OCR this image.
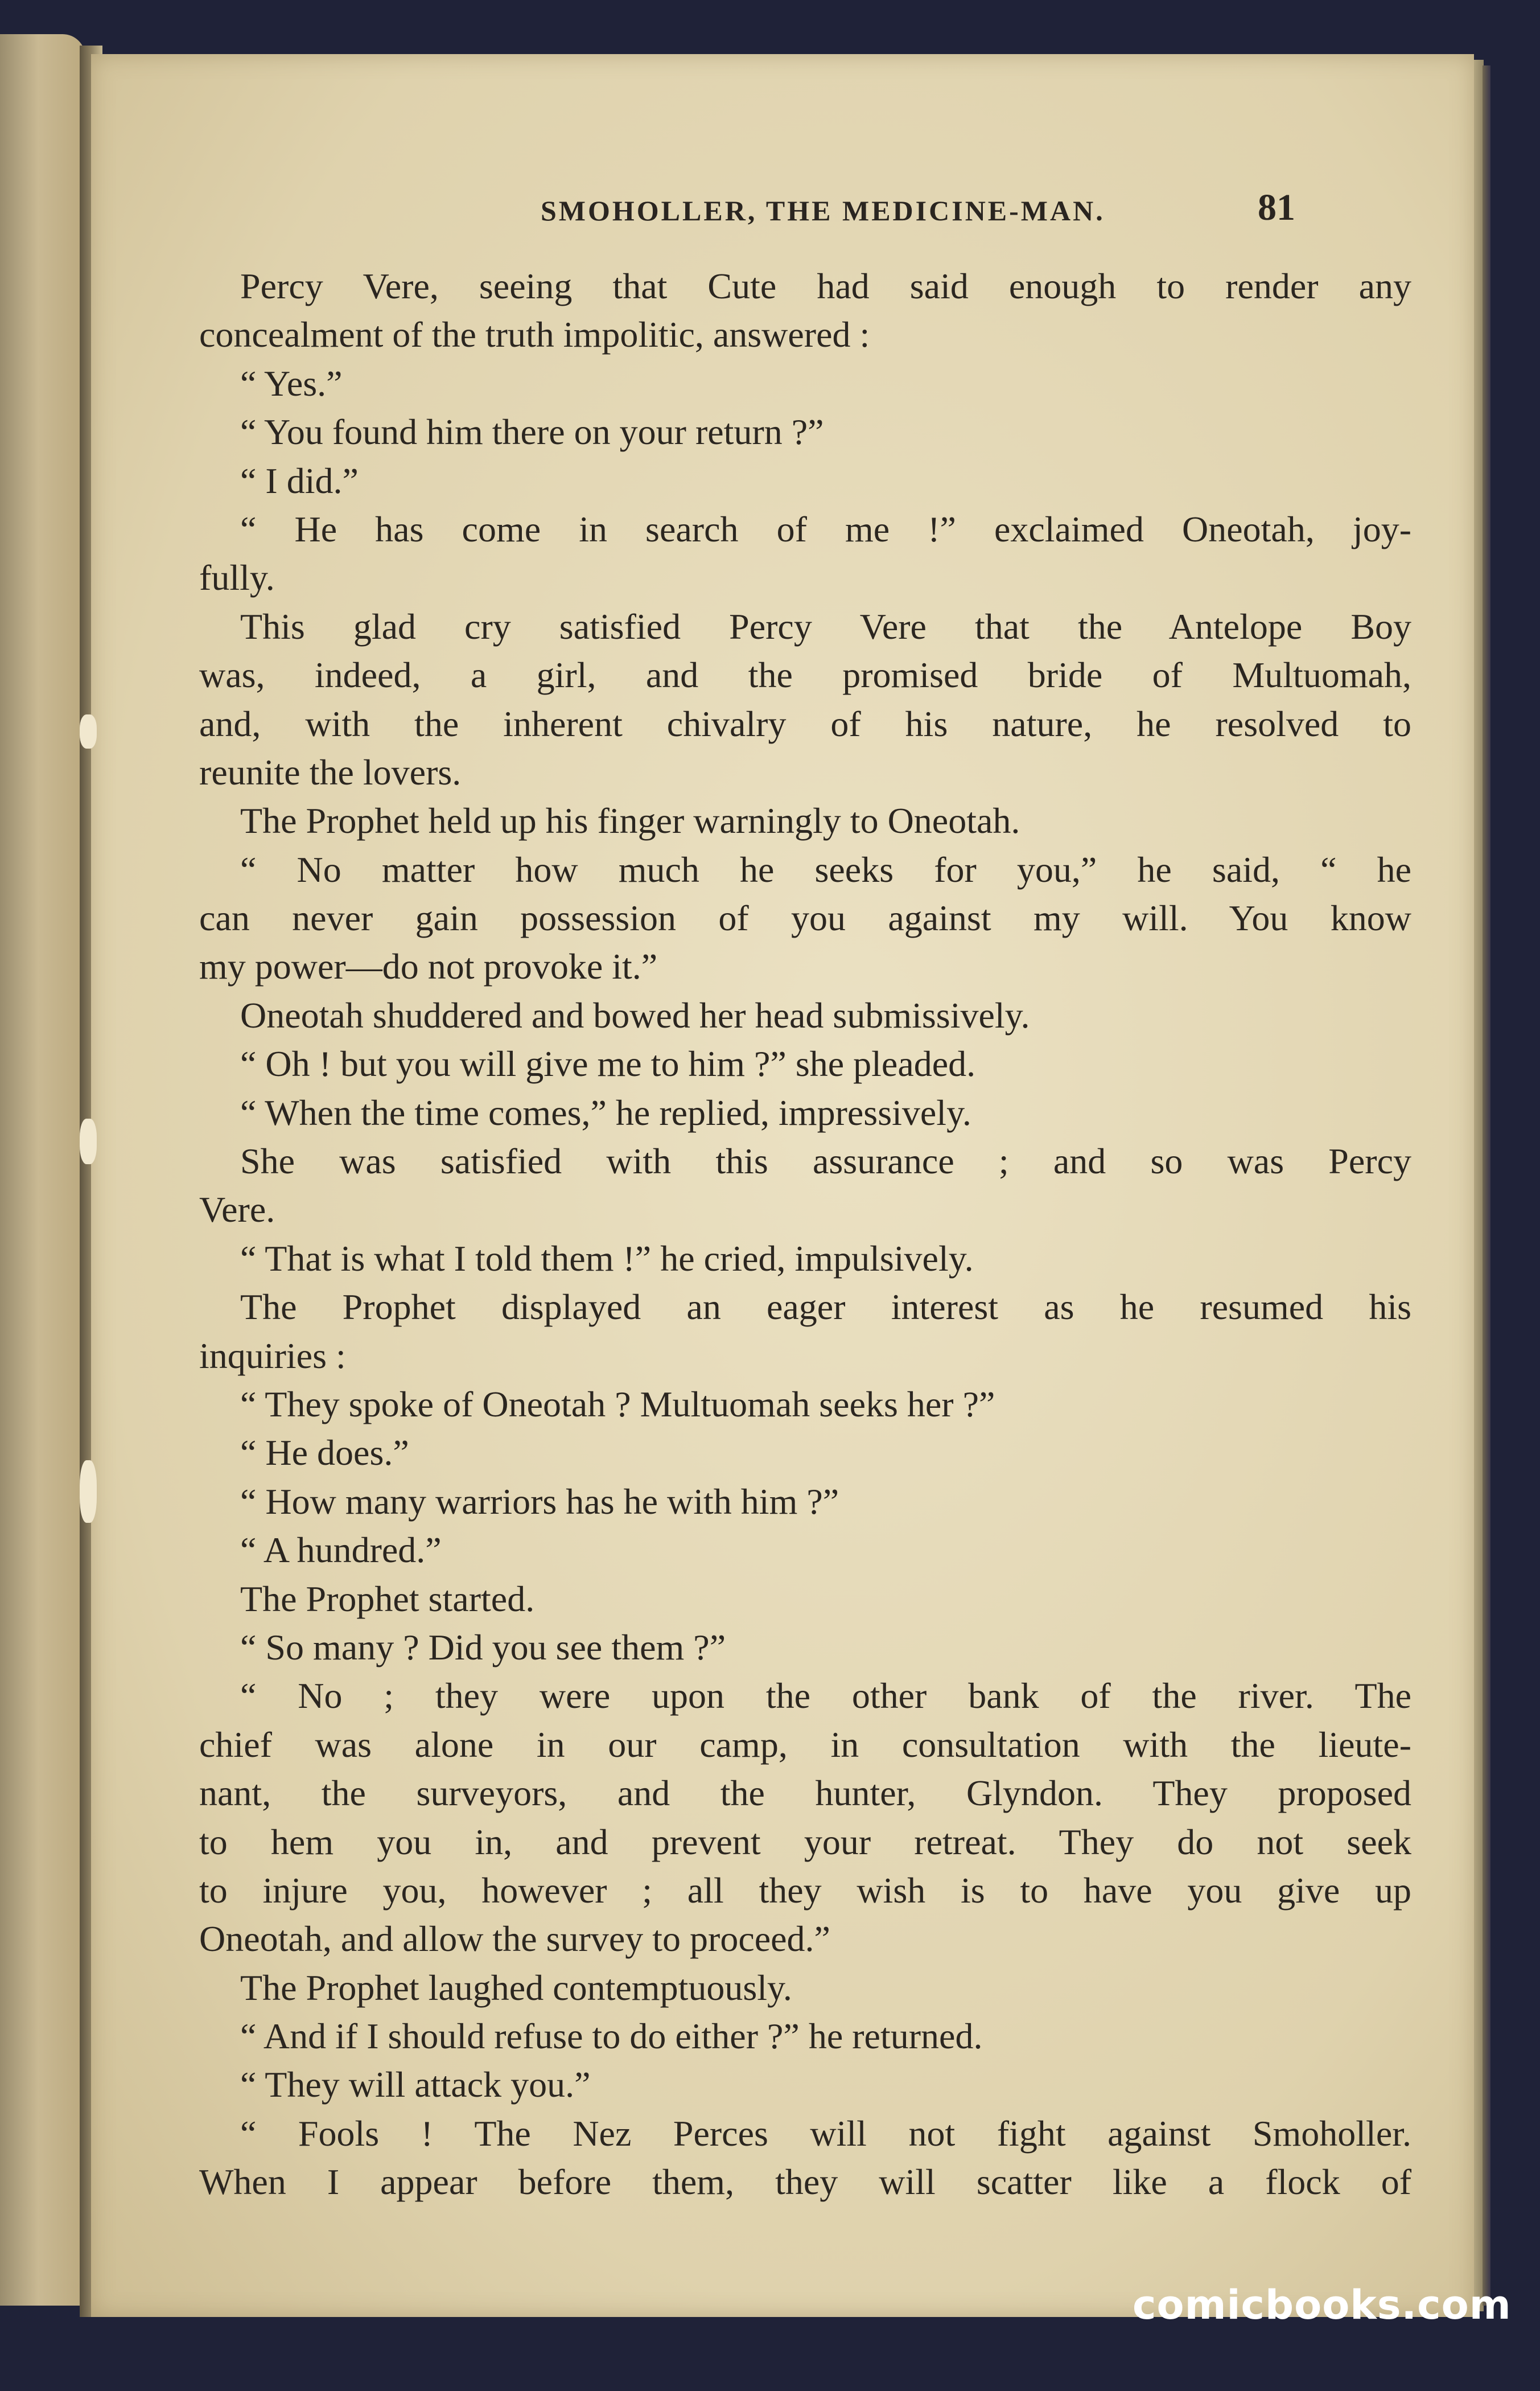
SMOHOLLER, THE MEDICINE-MAN.	81
Percy Vere, seeing that Cute had said enough to render any
concealment of the truth impolitic, answered :
“ Yes.”
“ You found him there on your return ?”
“ I did.”
“ He has come in search of me !” exclaimed Oneotah, joy-
fully.
This glad cry satisfied Percy Vere that the Antelope Boy
was, indeed, a girl, and the promised bride of Multuomah,
and, with the inherent chivalry of his nature, he resolved to
reunite the lovers.
The Prophet held up his finger warningly to Oneotah.
“ No matter how much he seeks for you,” he said, “ he
can never gain possession of you against my will. You know
my power—do not provoke it.”
Oneotah shuddered and bowed her head submissively.
“ Oh ! but you will give me to him ?” she pleaded.
“ When the time comes,” he replied, impressively.
She was satisfied with this assurance ; and so was Percy
Vere.
“ That is what I told them !” he cried, impulsively.
The Prophet displayed an eager interest as he resumed his
inquiries :
“ They spoke of Oneotah ? Multuomah seeks her ?”
“ He does.”
“ How many warriors has he with him ?”
“ A hundred.”
The Prophet started.
“ So many ? Did you see them ?”
“ No ; they were upon the other bank of the river. The
chief was alone in our camp, in consultation with the lieute-
nant, the surveyors, and the hunter, Glyndon. They proposed
to hem you in, and prevent your retreat. They do not seek
to injure you, however ; all they wish is to have you give up
Oneotah, and allow the survey to proceed.”
The Prophet laughed contemptuously.
“ And if I should refuse to do either ?” he returned.
“ They will attack you.”
“ Fools ! The Nez Perces will not fight against Smoholler.
When I appear before them, they will scatter like a flock of
comicbooks.com
